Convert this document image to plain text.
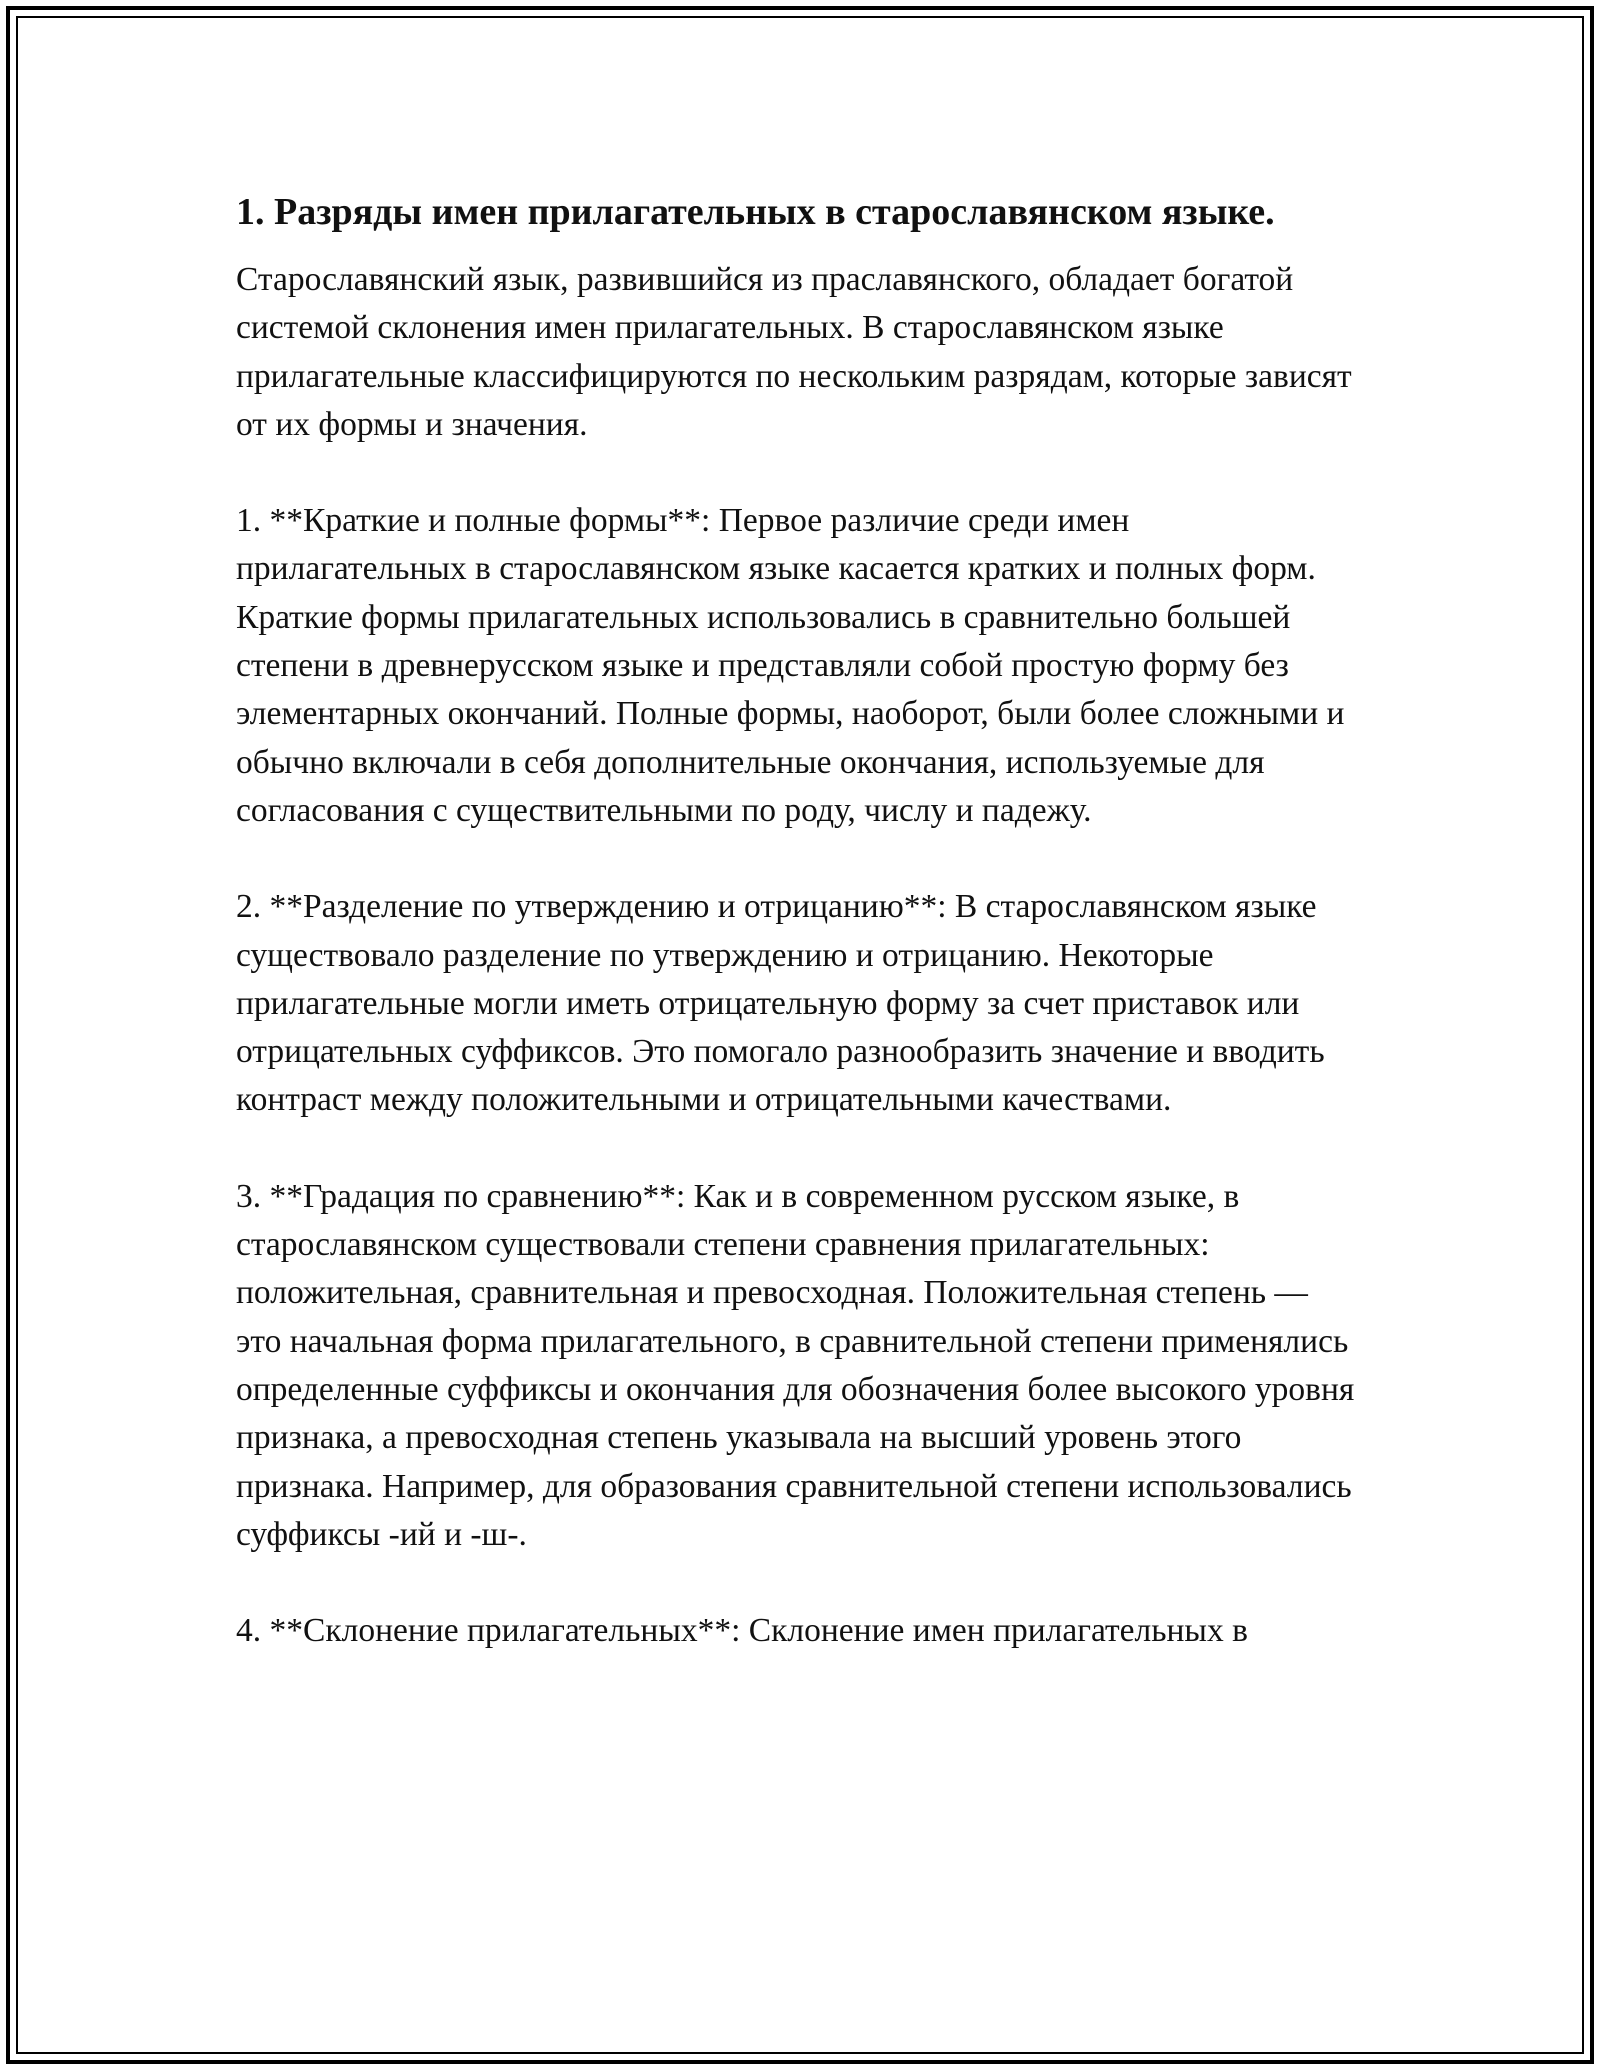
1. Разряды имен прилагательных в старославянском языке.

Старославянский язык, развившийся из праславянского, обладает богатой системой склонения имен прилагательных. В старославянском языке прилагательные классифицируются по нескольким разрядам, которые зависят от их формы и значения.

1. **Краткие и полные формы**: Первое различие среди имен прилагательных в старославянском языке касается кратких и полных форм. Краткие формы прилагательных использовались в сравнительно большей степени в древнерусском языке и представляли собой простую форму без элементарных окончаний. Полные формы, наоборот, были более сложными и обычно включали в себя дополнительные окончания, используемые для согласования с существительными по роду, числу и падежу.

2. **Разделение по утверждению и отрицанию**: В старославянском языке существовало разделение по утверждению и отрицанию. Некоторые прилагательные могли иметь отрицательную форму за счет приставок или отрицательных суффиксов. Это помогало разнообразить значение и вводить контраст между положительными и отрицательными качествами.

3. **Градация по сравнению**: Как и в современном русском языке, в старославянском существовали степени сравнения прилагательных: положительная, сравнительная и превосходная. Положительная степень — это начальная форма прилагательного, в сравнительной степени применялись определенные суффиксы и окончания для обозначения более высокого уровня признака, а превосходная степень указывала на высший уровень этого признака. Например, для образования сравнительной степени использовались суффиксы -ий и -ш-.

4. **Склонение прилагательных**: Склонение имен прилагательных в
